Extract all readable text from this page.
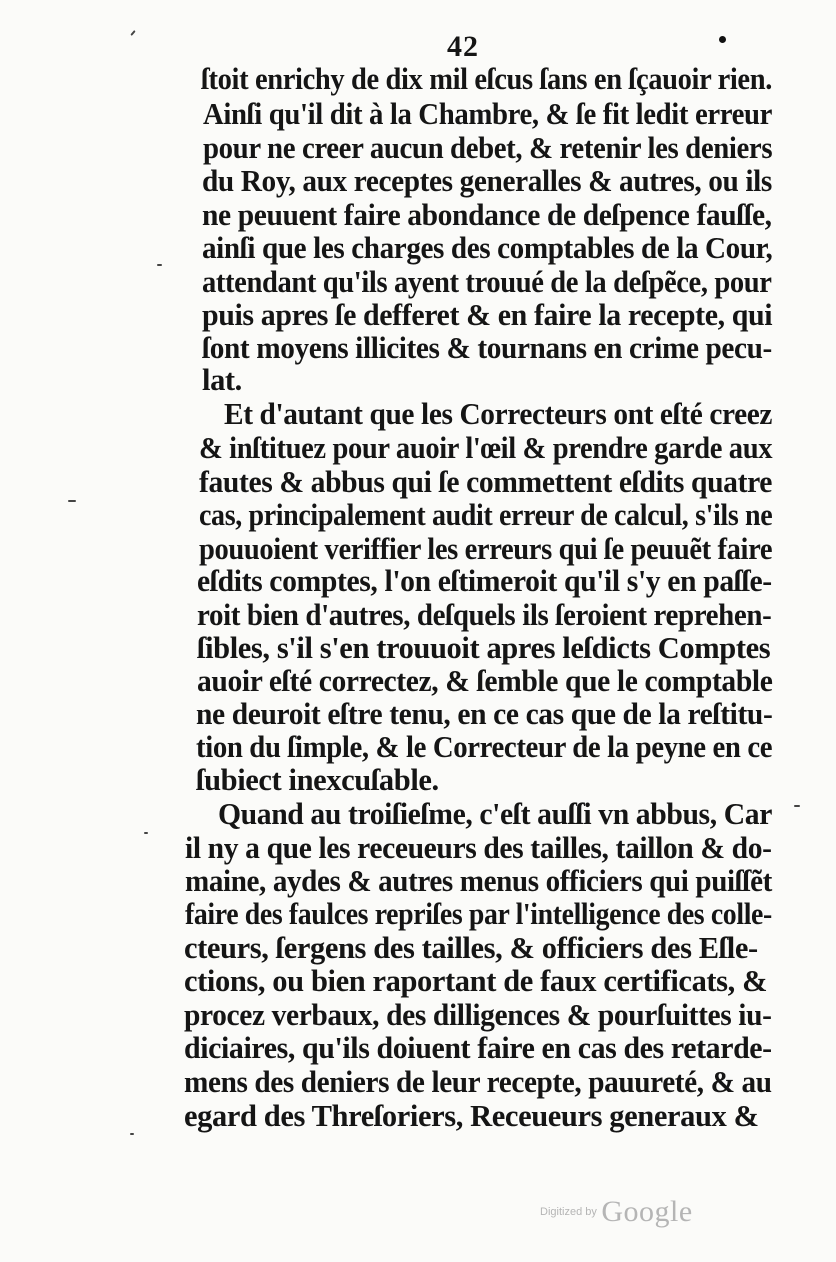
42
ſtoit enrichy de dix mil eſcus ſans en ſçauoir rien.
Ainſi qu'il dit à la Chambre, & ſe fit ledit erreur
pour ne creer aucun debet, & retenir les deniers
du Roy, aux receptes generalles & autres, ou ils
ne peuuent faire abondance de deſpence fauſſe,
ainſi que les charges des comptables de la Cour,
attendant qu'ils ayent trouué de la deſpẽce, pour
puis apres ſe defferet & en faire la recepte, qui
ſont moyens illicites & tournans en crime pecu-
lat.
Et d'autant que les Correcteurs ont eſté creez
& inſtituez pour auoir l'œil & prendre garde aux
fautes & abbus qui ſe commettent eſdits quatre
cas, principalement audit erreur de calcul, s'ils ne
pouuoient veriffier les erreurs qui ſe peuuẽt faire
eſdits comptes, l'on eſtimeroit qu'il s'y en paſſe-
roit bien d'autres, deſquels ils ſeroient reprehen-
ſibles, s'il s'en trouuoit apres leſdicts Comptes
auoir eſté correctez, & ſemble que le comptable
ne deuroit eſtre tenu, en ce cas que de la reſtitu-
tion du ſimple, & le Correcteur de la peyne en ce
ſubiect inexcuſable.
Quand au troiſieſme, c'eſt auſſi vn abbus, Car
il ny a que les receueurs des tailles, taillon & do-
maine, aydes & autres menus officiers qui puiſſẽt
faire des faulces repriſes par l'intelligence des colle-
cteurs, ſergens des tailles, & officiers des Eſle-
ctions, ou bien raportant de faux certificats, &
procez verbaux, des dilligences & pourſuittes iu-
diciaires, qu'ils doiuent faire en cas des retarde-
mens des deniers de leur recepte, pauureté, & au
egard des Threſoriers, Receueurs generaux &
Digitized by Google
